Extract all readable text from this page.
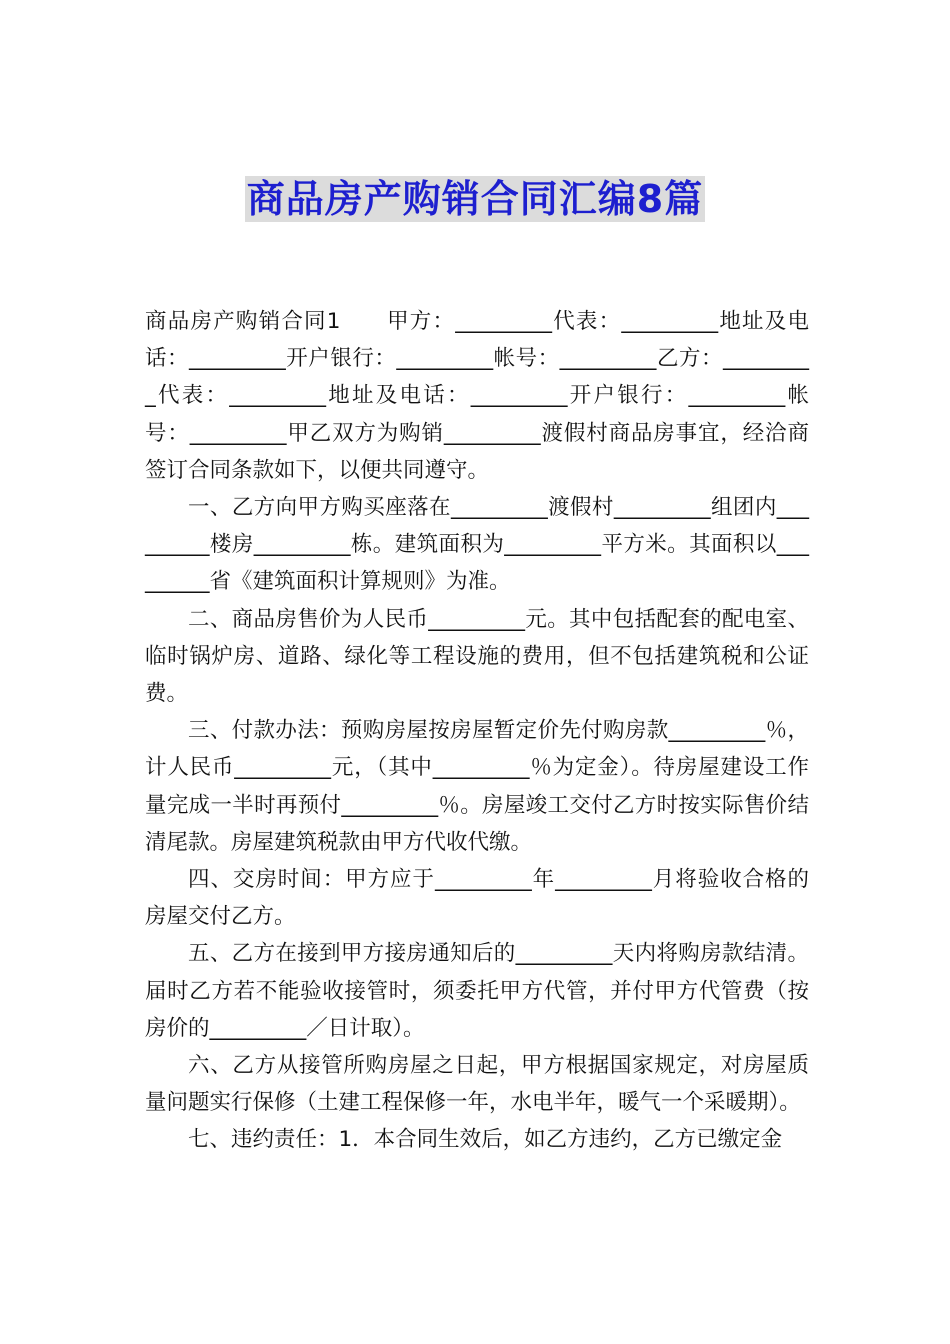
商品房产购销合同汇编8篇

商品房产购销合同1　　甲方：_________代表：_________地址及电话：_________开户银行：_________帐号：_________乙方：_________代表：_________地址及电话：_________开户银行：_________帐号：_________甲乙双方为购销_________渡假村商品房事宜，经洽商签订合同条款如下，以便共同遵守。

一、乙方向甲方购买座落在_________渡假村_________组团内_________楼房_________栋。建筑面积为_________平方米。其面积以_________省《建筑面积计算规则》为准。

二、商品房售价为人民币_________元。其中包括配套的配电室、临时锅炉房、道路、绿化等工程设施的费用，但不包括建筑税和公证费。

三、付款办法：预购房屋按房屋暂定价先付购房款_________％，计人民币_________元，（其中_________％为定金）。待房屋建设工作量完成一半时再预付_________％。房屋竣工交付乙方时按实际售价结清尾款。房屋建筑税款由甲方代收代缴。

四、交房时间：甲方应于_________年_________月将验收合格的房屋交付乙方。

五、乙方在接到甲方接房通知后的_________天内将购房款结清。届时乙方若不能验收接管时，须委托甲方代管，并付甲方代管费（按房价的_________／日计取）。

六、乙方从接管所购房屋之日起，甲方根据国家规定，对房屋质量问题实行保修（土建工程保修一年，水电半年，暖气一个采暖期）。

七、违约责任：1．本合同生效后，如乙方违约，乙方已缴定金
